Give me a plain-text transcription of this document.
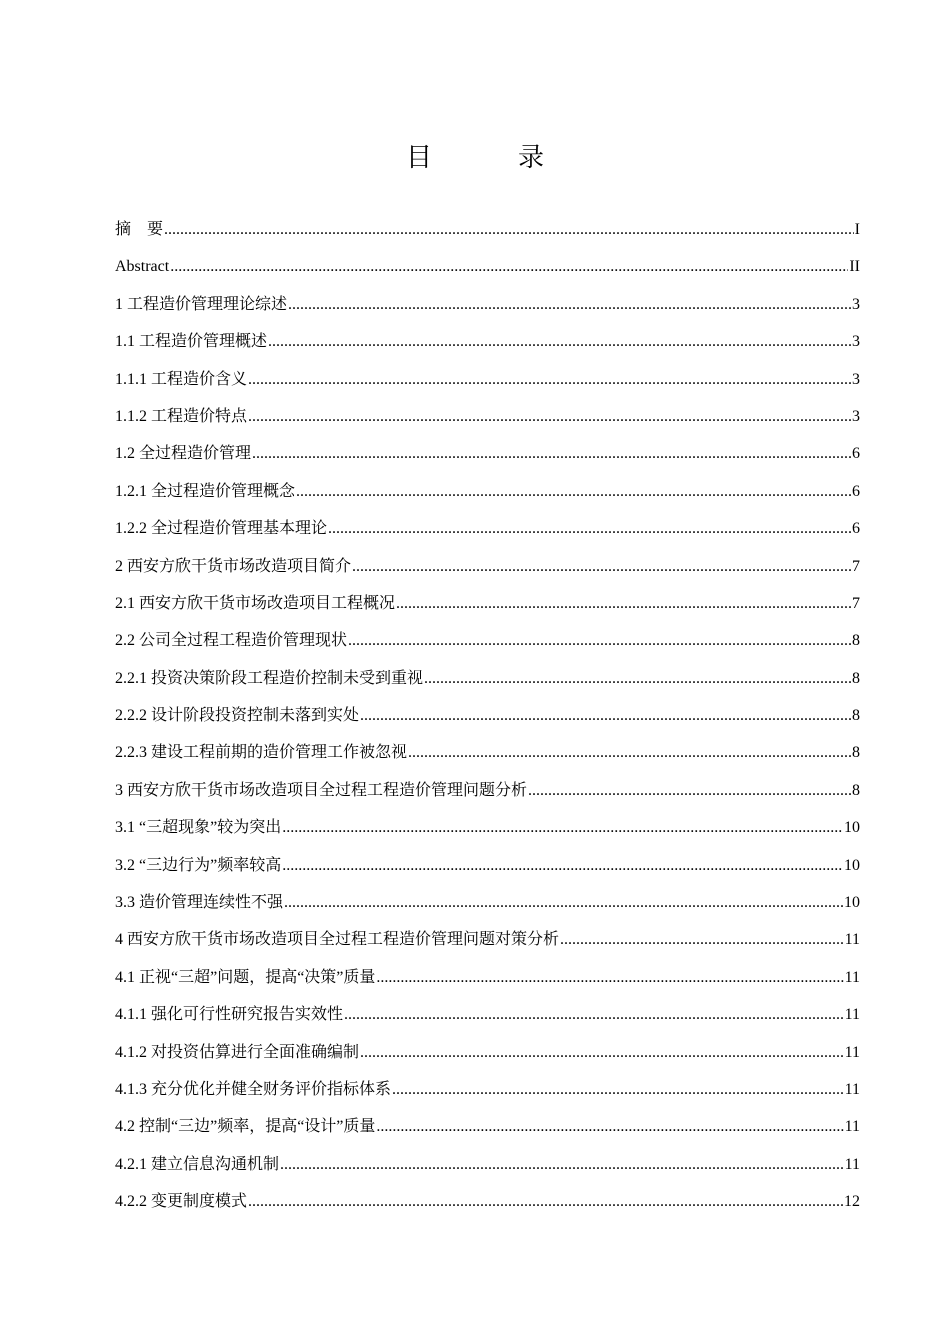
目　录
摘　要 .....	I
Abstract .....	II
1 工程造价管理理论综述 .....	3
1.1 工程造价管理概述 .....	3
1.1.1 工程造价含义 .....	3
1.1.2 工程造价特点 .....	3
1.2 全过程造价管理 .....	6
1.2.1 全过程造价管理概念 .....	6
1.2.2 全过程造价管理基本理论 .....	6
2 西安方欣干货市场改造项目简介 .....	7
2.1 西安方欣干货市场改造项目工程概况 .....	7
2.2 公司全过程工程造价管理现状 .....	8
2.2.1 投资决策阶段工程造价控制未受到重视 .....	8
2.2.2 设计阶段投资控制未落到实处 .....	8
2.2.3 建设工程前期的造价管理工作被忽视 .....	8
3 西安方欣干货市场改造项目全过程工程造价管理问题分析 .....	8
3.1 “三超现象”较为突出 .....	10
3.2 “三边行为”频率较高 .....	10
3.3 造价管理连续性不强 .....	10
4 西安方欣干货市场改造项目全过程工程造价管理问题对策分析 .....	11
4.1 正视“三超”问题，提高“决策”质量 .....	11
4.1.1 强化可行性研究报告实效性 .....	11
4.1.2 对投资估算进行全面准确编制 .....	11
4.1.3 充分优化并健全财务评价指标体系 .....	11
4.2 控制“三边”频率，提高“设计”质量 .....	11
4.2.1 建立信息沟通机制 .....	11
4.2.2 变更制度模式 .....	12
